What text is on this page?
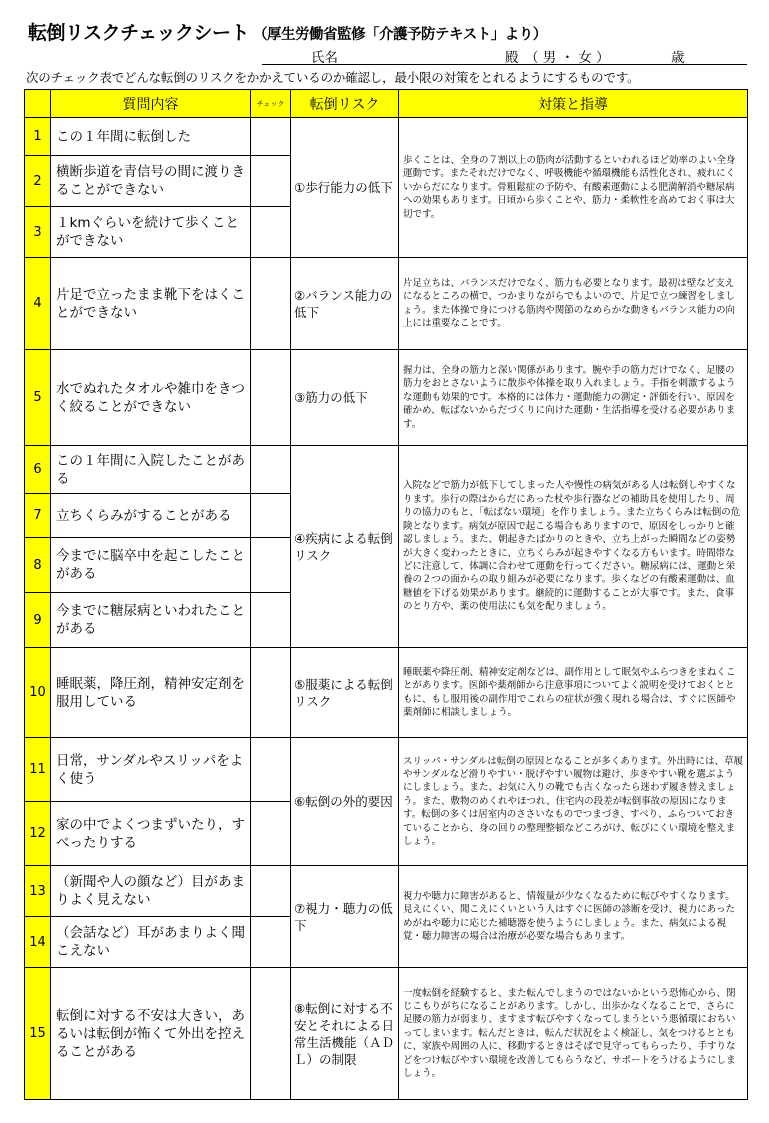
転倒リスクチェックシート （厚生労働省監修「介護予防テキスト」より）
氏名	殿 （ 男 ・ 女 ）	歳
次のチェック表でどんな転倒のリスクをかかえているのか確認し，最小限の対策をとれるようにするものです。
	質問内容	チェック	転倒リスク	対策と指導
1	この１年間に転倒した		①歩行能力の低下	歩くことは、全身の７割以上の筋肉が活動するといわれるほど効率のよい全身運動です。またそれだけでなく、呼吸機能や循環機能も活性化され、疲れにくいからだになります。骨粗鬆症の予防や、有酸素運動による肥満解消や糖尿病への効果もあります。日頃から歩くことや、筋力・柔軟性を高めておく事は大切です。
2	横断歩道を青信号の間に渡りきることができない			
3	１kmぐらいを続けて歩くことができない			
4	片足で立ったまま靴下をはくことができない		②バランス能力の低下	片足立ちは、バランスだけでなく、筋力も必要となります。最初は壁など支えになるところの横で、つかまりながらでもよいので、片足で立つ練習をしましょう。また体操で身につける筋肉や関節のなめらかな動きもバランス能力の向上には重要なことです。
5	水でぬれたタオルや雑巾をきつく絞ることができない		③筋力の低下	握力は、全身の筋力と深い関係があります。腕や手の筋力だけでなく、足腰の筋力をおとさないように散歩や体操を取り入れましょう。手指を刺激するような運動も効果的です。本格的には体力・運動能力の測定・評価を行い、原因を確かめ、転ばないからだづくりに向けた運動・生活指導を受ける必要があります。
6	この１年間に入院したことがある		④疾病による転倒リスク	入院などで筋力が低下してしまった人や慢性の病気がある人は転倒しやすくなります。歩行の際はからだにあった杖や歩行器などの補助具を使用したり、周りの協力のもと、「転ばない環境」を作りましょう。また立ちくらみは転倒の危険となります。病気が原因で起こる場合もありますので、原因をしっかりと確認しましょう。また、朝起きたばかりのときや、立ち上がった瞬間などの姿勢が大きく変わったときに、立ちくらみが起きやすくなる方もいます。時間帯などに注意して、体調に合わせて運動を行ってください。糖尿病には、運動と栄養の２つの面からの取り組みが必要になります。歩くなどの有酸素運動は、血糖値を下げる効果があります。継続的に運動することが大事です。また、食事のとり方や、薬の使用法にも気を配りましょう。
7	立ちくらみがすることがある			
8	今までに脳卒中を起こしたことがある			
9	今までに糖尿病といわれたことがある			
10	睡眠薬，降圧剤，精神安定剤を服用している		⑤服薬による転倒リスク	睡眠薬や降圧剤、精神安定剤などは、副作用として眠気やふらつきをまねくことがあります。医師や薬剤師から注意事項についてよく説明を受けておくとともに、もし服用後の副作用でこれらの症状が強く現れる場合は、すぐに医師や薬剤師に相談しましょう。
11	日常，サンダルやスリッパをよく使う		⑥転倒の外的要因	スリッパ・サンダルは転倒の原因となることが多くあります。外出時には、草履やサンダルなど滑りやすい・脱げやすい履物は避け、歩きやすい靴を選ぶようにしましょう。また、お気に入りの靴でも古くなったら迷わず履き替えましょう。また、敷物のめくれやほつれ、住宅内の段差が転倒事故の原因になります。転倒の多くは居室内のささいなものでつまづき、すべり、ふらついておきていることから、身の回りの整理整頓などころがけ、転びにくい環境を整えましょう。
12	家の中でよくつまずいたり，すべったりする			
13	（新聞や人の顔など）目があまりよく見えない		⑦視力・聴力の低下	視力や聴力に障害があると、情報量が少なくなるために転びやすくなります。見えにくい、聞こえにくいという人はすぐに医師の診断を受け、視力にあっためがねや聴力に応じた補聴器を使うようにしましょう。また、病気による視覚・聴力障害の場合は治療が必要な場合もあります。
14	（会話など）耳があまりよく聞こえない			
15	転倒に対する不安は大きい，あるいは転倒が怖くて外出を控えることがある		⑧転倒に対する不安とそれによる日常生活機能（ＡＤＬ）の制限	一度転倒を経験すると、また転んでしまうのではないかという恐怖心から、閉じこもりがちになることがあります。しかし、出歩かなくなることで、さらに足腰の筋力が弱まり、ますます転びやすくなってしまうという悪循環におちいってしまいます。転んだときは、転んだ状況をよく検証し、気をつけるとともに、家族や周囲の人に、移動するときはそばで見守ってもらったり、手すりなどをつけ転びやすい環境を改善してもらうなど、サポートをうけるようにしましょう。
